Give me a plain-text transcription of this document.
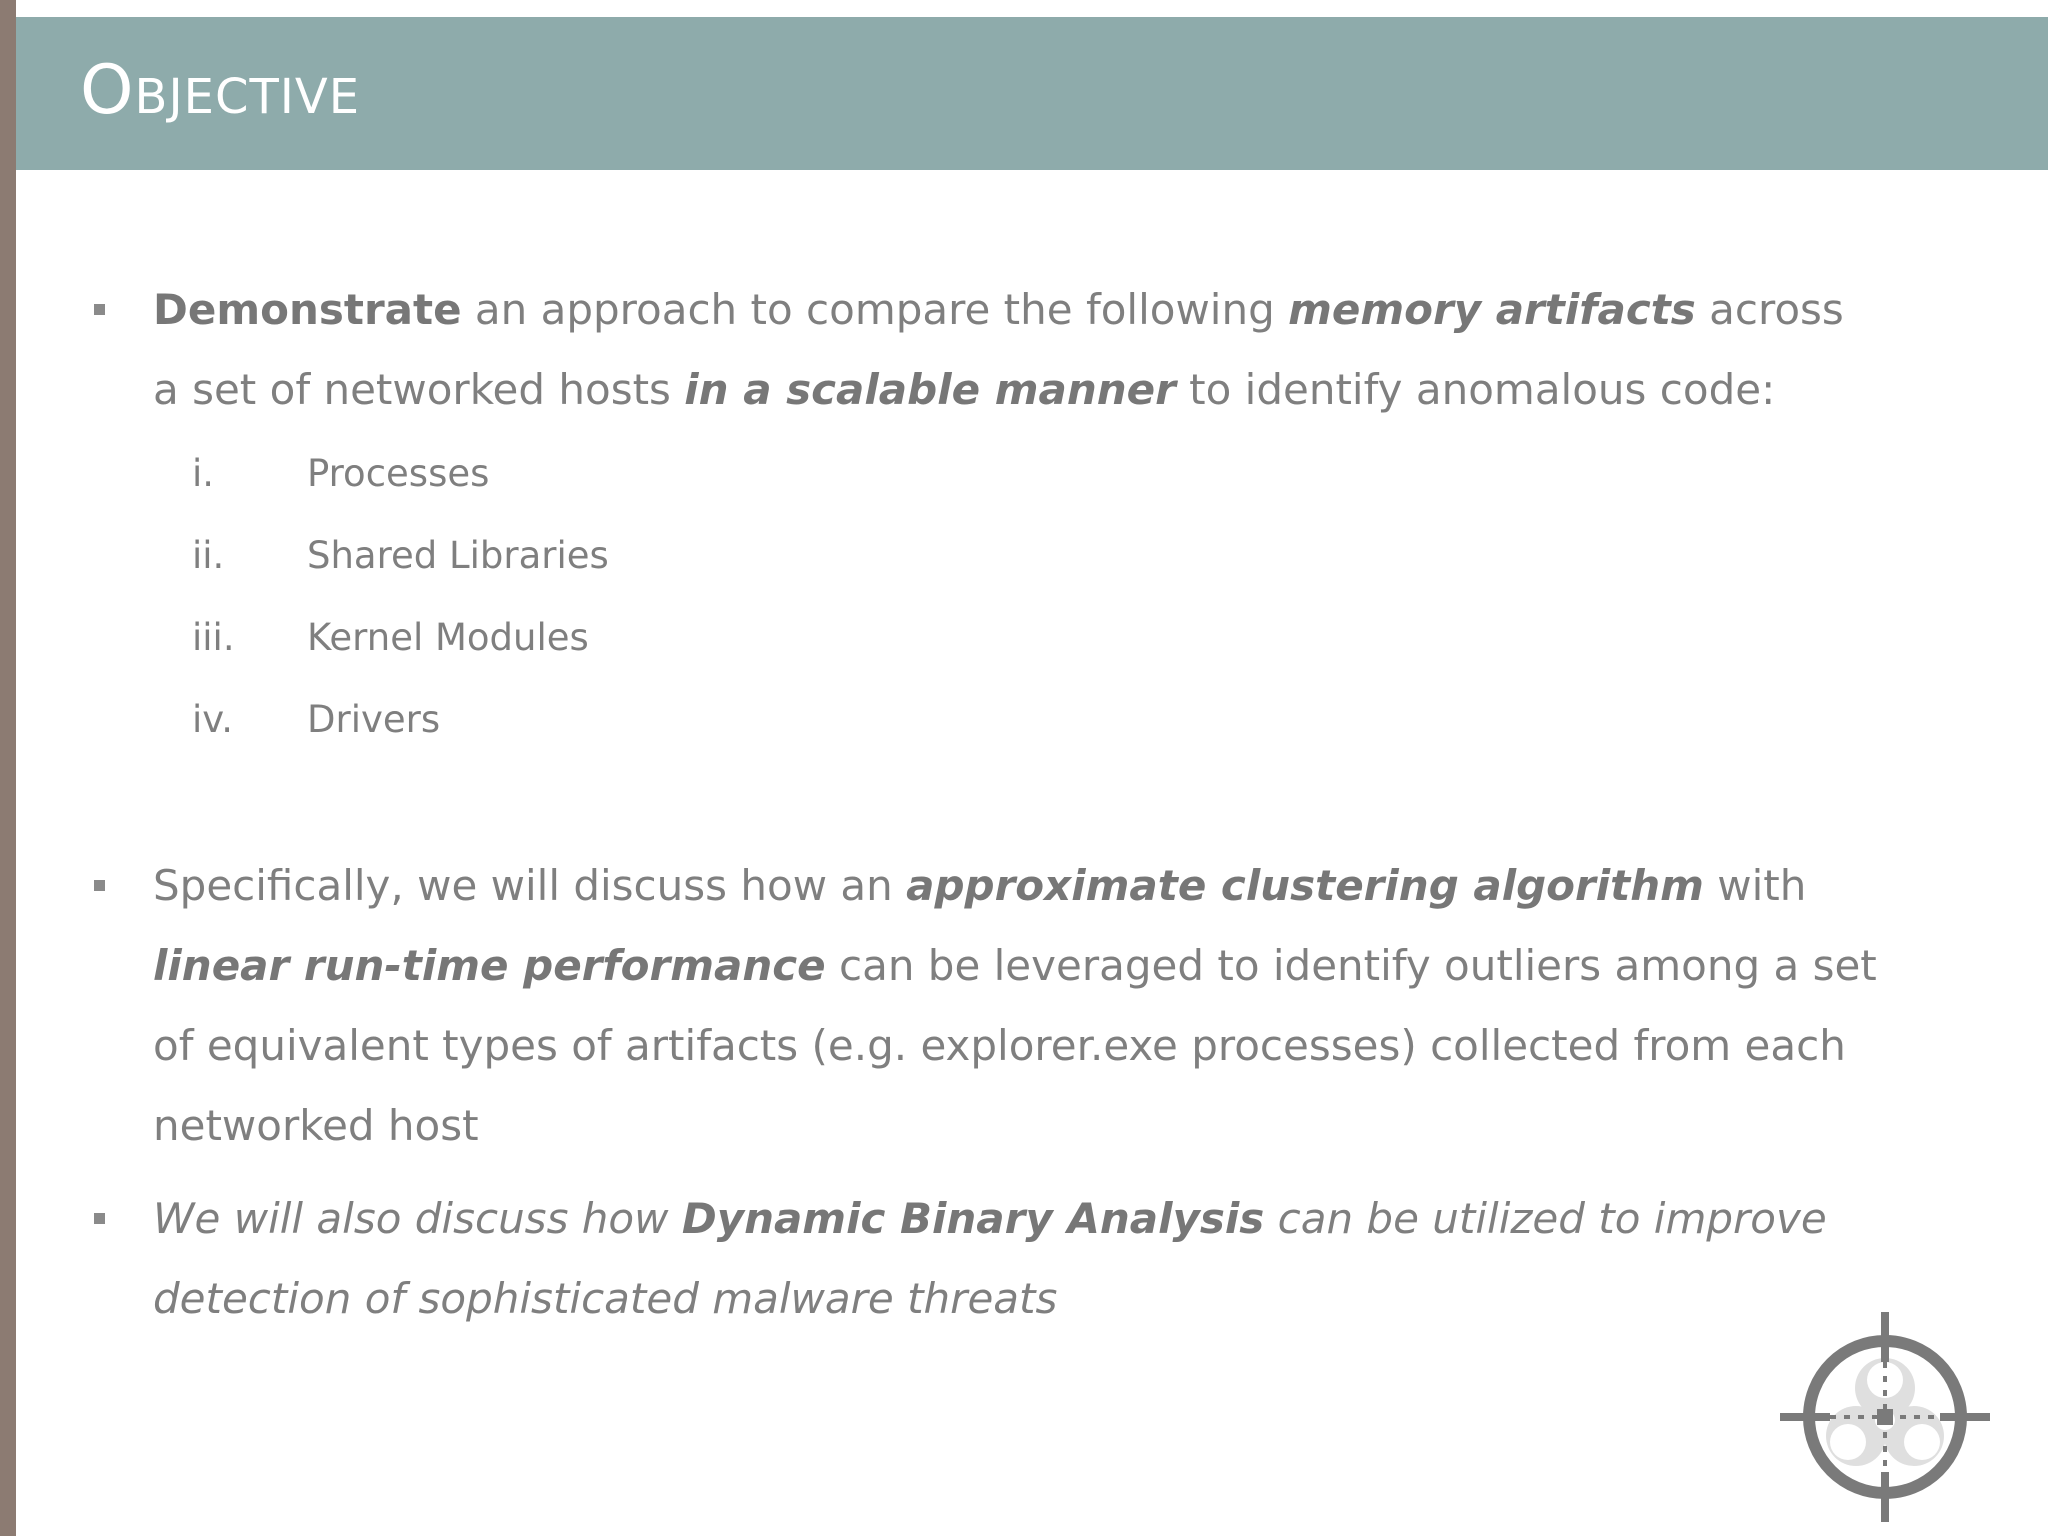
Objective
Demonstrate an approach to compare the following memory artifacts across a set of networked hosts in a scalable manner to identify anomalous code:
i.	Processes
ii. Shared Libraries
iii. Kernel Modules
iv. Drivers
Specifically, we will discuss how an approximate clustering algorithm with linear run-time performance can be leveraged to identify outliers among a set of equivalent types of artifacts (e.g. explorer.exe processes) collected from each networked host
We will also discuss how Dynamic Binary Analysis can be utilized to improve detection of sophisticated malware threats
